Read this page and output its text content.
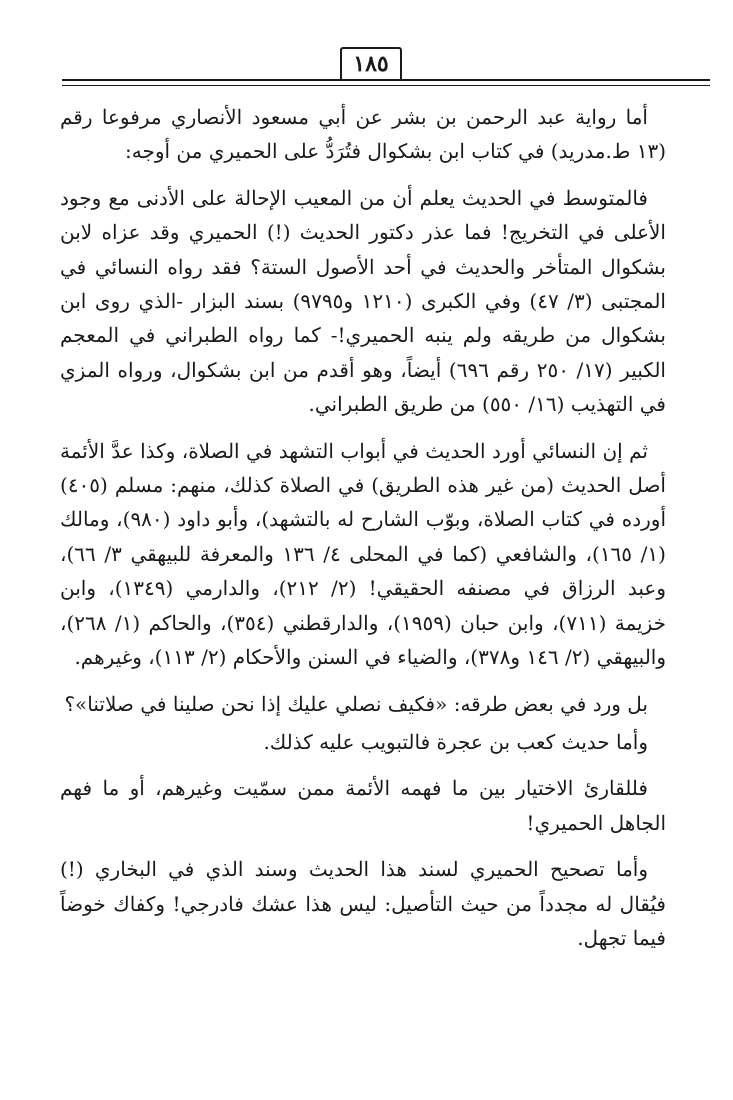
١٨٥

أما رواية عبد الرحمن بن بشر عن أبي مسعود الأنصاري مرفوعا رقم (١٣ ط.مدريد) في كتاب ابن بشكوال فتُرَدُّ على الحميري من أوجه:

فالمتوسط في الحديث يعلم أن من المعيب الإحالة على الأدنى مع وجود الأعلى في التخريج! فما عذر دكتور الحديث (!) الحميري وقد عزاه لابن بشكوال المتأخر والحديث في أحد الأصول الستة؟ فقد رواه النسائي في المجتبى (٣/ ٤٧) وفي الكبرى (١٢١٠ و٩٧٩٥) بسند البزار -الذي روى ابن بشكوال من طريقه ولم ينبه الحميري!- كما رواه الطبراني في المعجم الكبير (١٧/ ٢٥٠ رقم ٦٩٦) أيضاً، وهو أقدم من ابن بشكوال، ورواه المزي في التهذيب (١٦/ ٥٥٠) من طريق الطبراني.

ثم إن النسائي أورد الحديث في أبواب التشهد في الصلاة، وكذا عدَّ الأئمة أصل الحديث (من غير هذه الطريق) في الصلاة كذلك، منهم: مسلم (٤٠٥) أورده في كتاب الصلاة، وبوّب الشارح له بالتشهد)، وأبو داود (٩٨٠)، ومالك (١/ ١٦٥)، والشافعي (كما في المحلى ٤/ ١٣٦ والمعرفة للبيهقي ٣/ ٦٦)، وعبد الرزاق في مصنفه الحقيقي! (٢/ ٢١٢)، والدارمي (١٣٤٩)، وابن خزيمة (٧١١)، وابن حبان (١٩٥٩)، والدارقطني (٣٥٤)، والحاكم (١/ ٢٦٨)، والبيهقي (٢/ ١٤٦ و٣٧٨)، والضياء في السنن والأحكام (٢/ ١١٣)، وغيرهم.

بل ورد في بعض طرقه: «فكيف نصلي عليك إذا نحن صلينا في صلاتنا»؟

وأما حديث كعب بن عجرة فالتبويب عليه كذلك.

فللقارئ الاختيار بين ما فهمه الأئمة ممن سمّيت وغيرهم، أو ما فهم الجاهل الحميري!

وأما تصحيح الحميري لسند هذا الحديث وسند الذي في البخاري (!) فيُقال له مجدداً من حيث التأصيل: ليس هذا عشك فادرجي! وكفاك خوضاً فيما تجهل.
